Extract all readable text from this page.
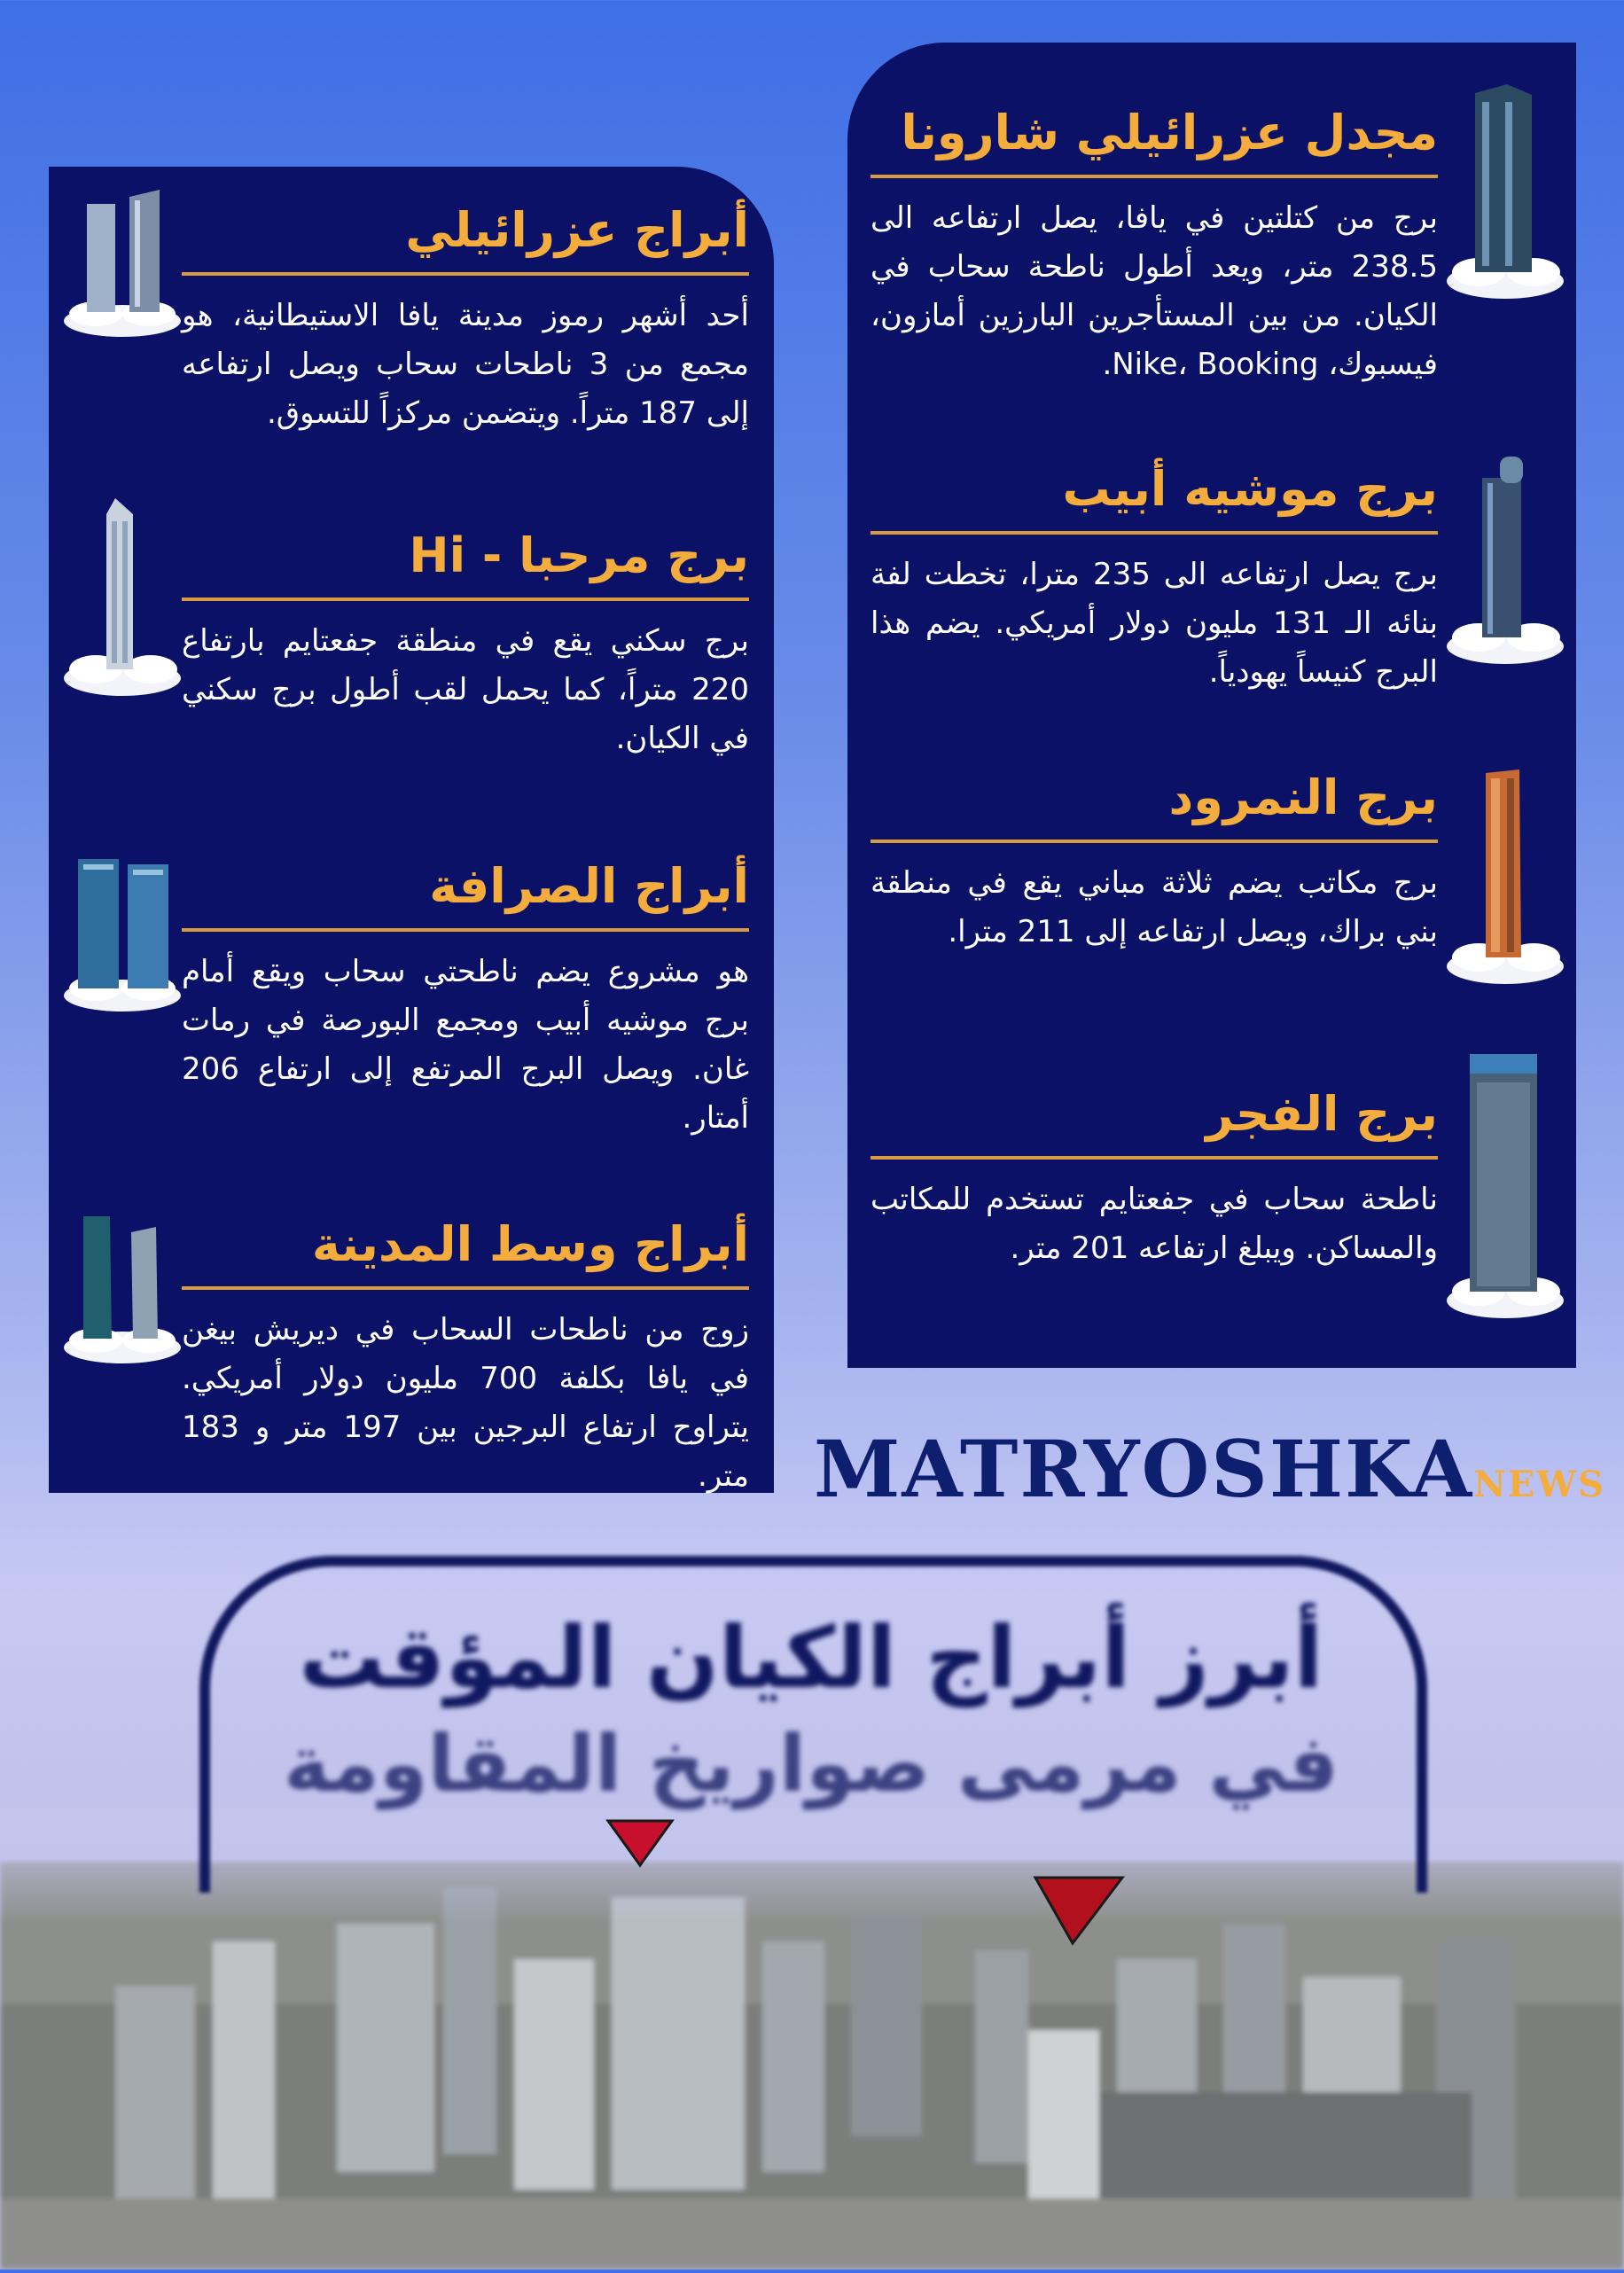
أبراج عزرائيلي

أحد أشهر رموز مدينة يافا الاستيطانية، هو مجمع من 3 ناطحات سحاب ويصل ارتفاعه إلى 187 متراً. ويتضمن مركزاً للتسوق.

برج مرحبا - Hi

برج سكني يقع في منطقة جفعتايم بارتفاع 220 متراً، كما يحمل لقب أطول برج سكني في الكيان.

أبراج الصرافة

هو مشروع يضم ناطحتي سحاب ويقع أمام برج موشيه أبيب ومجمع البورصة في رمات غان. ويصل البرج المرتفع إلى ارتفاع 206 أمتار.

أبراج وسط المدينة

زوج من ناطحات السحاب في ديريش بيغن في يافا بكلفة 700 مليون دولار أمريكي. يتراوح ارتفاع البرجين بين 197 متر و 183 متر.

مجدل عزرائيلي شارونا

برج من كتلتين في يافا، يصل ارتفاعه الى 238.5 متر، ويعد أطول ناطحة سحاب في الكيان. من بين المستأجرين البارزين أمازون، فيسبوك، Nike، Booking.

برج موشيه أبيب

برج يصل ارتفاعه الى 235 مترا، تخطت لفة بنائه الـ 131 مليون دولار أمريكي. يضم هذا البرج كنيساً يهودياً.

برج النمرود

برج مكاتب يضم ثلاثة مباني يقع في منطقة بني براك، ويصل ارتفاعه إلى 211 مترا.

برج الفجر

ناطحة سحاب في جفعتايم تستخدم للمكاتب والمساكن. ويبلغ ارتفاعه 201 متر.

MATRYOSHKANEWS
أبرز أبراج الكيان المؤقت
في مرمى صواريخ المقاومة
